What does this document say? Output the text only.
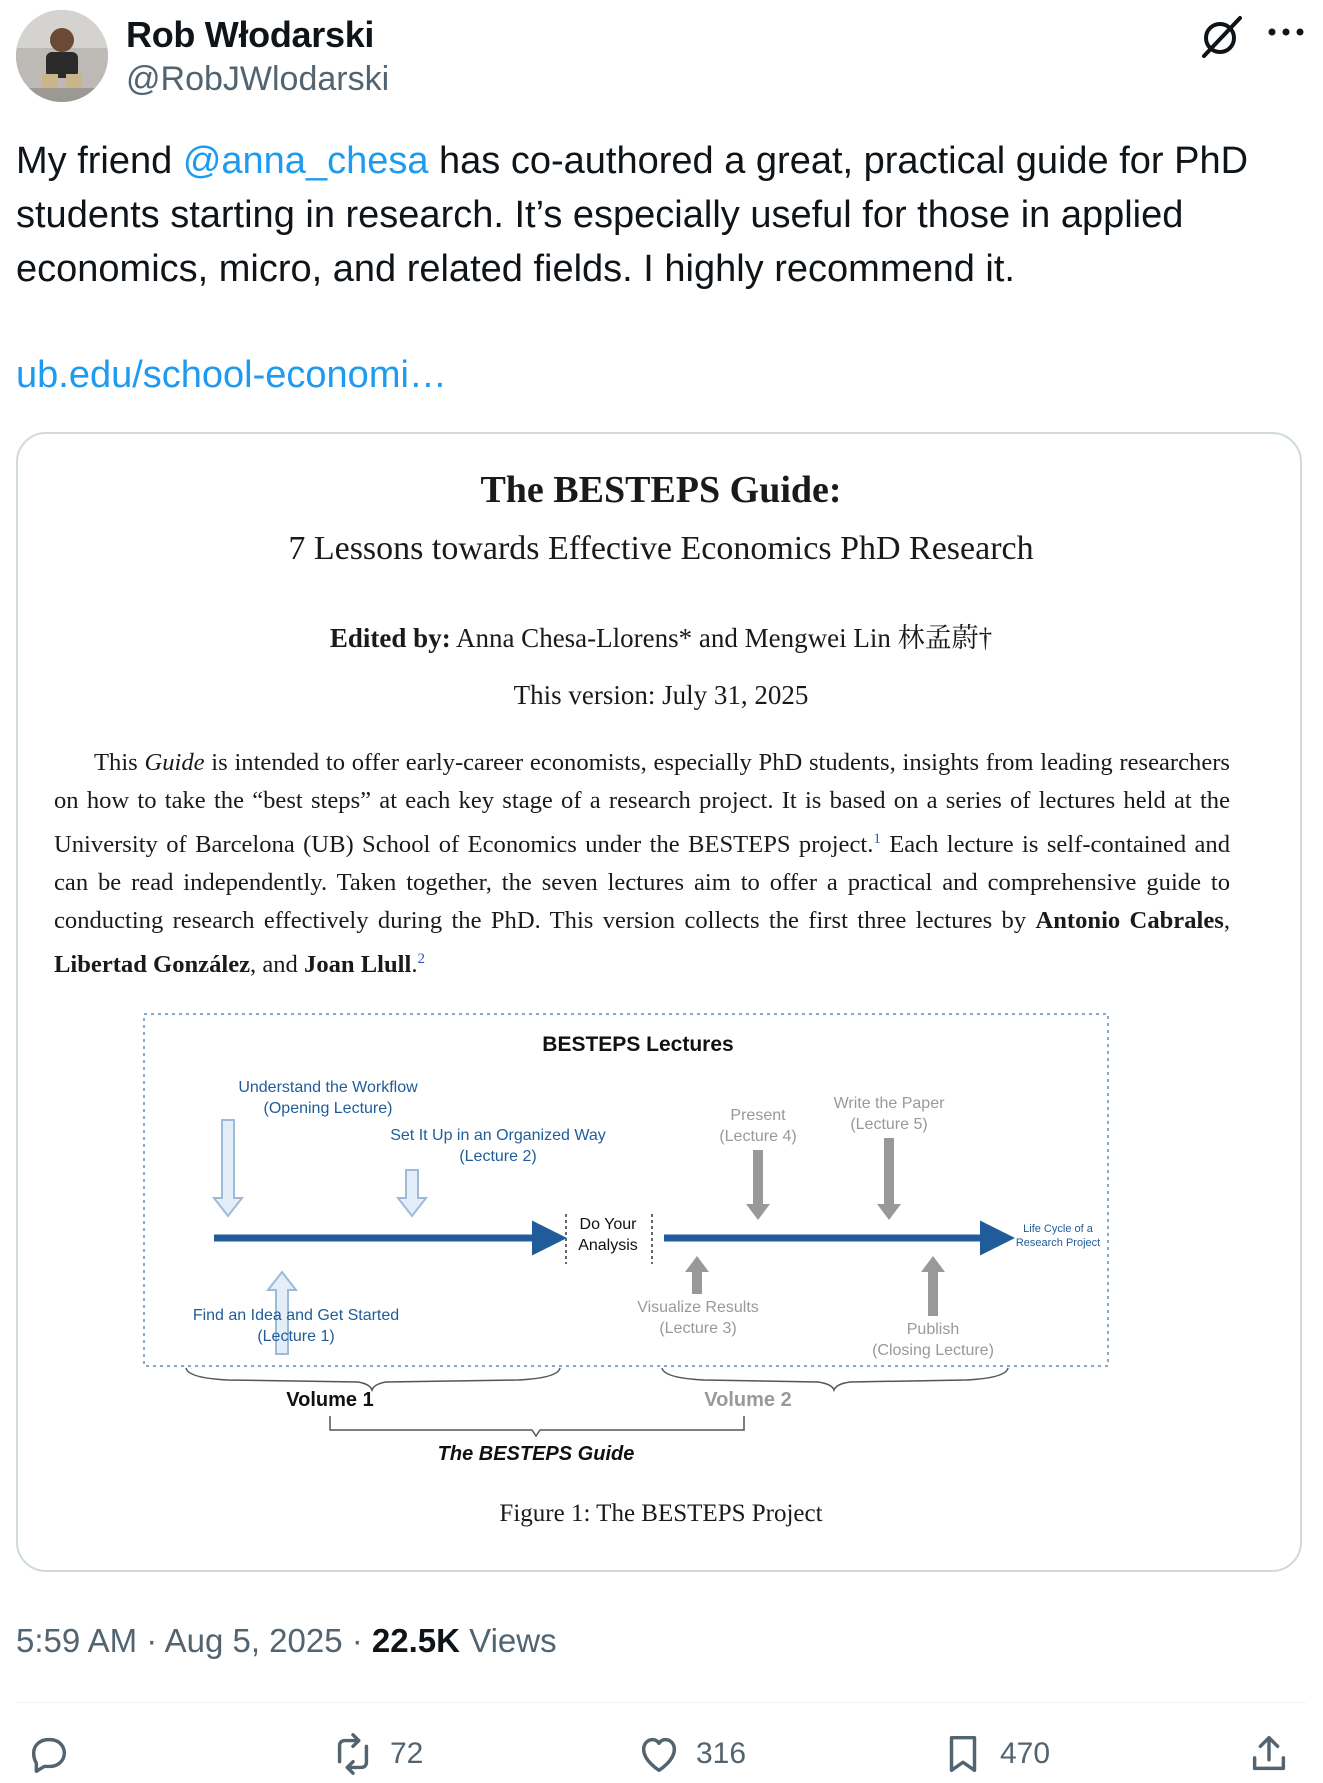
Rob Włodarski
@RobJWlodarski
My friend @anna_chesa has co-authored a great, practical guide for PhD students starting in research. It’s especially useful for those in applied economics, micro, and related fields. I highly recommend it.
ub.edu/school-economi…
The BESTEPS Guide:
7 Lessons towards Effective Economics PhD Research
Edited by: Anna Chesa-Llorens* and Mengwei Lin 林孟蔚†
This version: July 31, 2025
This Guide is intended to offer early-career economists, especially PhD students, insights from leading researchers on how to take the “best steps” at each key stage of a research project. It is based on a series of lectures held at the University of Barcelona (UB) School of Economics under the BESTEPS project.$^1$ Each lecture is self-contained and can be read independently. Taken together, the seven lectures aim to offer a practical and comprehensive guide to conducting research effectively during the PhD. This version collects the first three lectures by Antonio Cabrales, Libertad González, and Joan Llull.$^2$
BESTEPS Lectures
Understand the Workflow
(Opening Lecture)
Set It Up in an Organized Way
(Lecture 2)
Do Your
Analysis
Present
(Lecture 4)
Write the Paper
(Lecture 5)
Life Cycle of a
Research Project
Find an Idea and Get Started
(Lecture 1)
Visualize Results
(Lecture 3)	Publish
(Closing Lecture)
Volume 1	Volume 2
The BESTEPS Guide
Figure 1: The BESTEPS Project
5:59 AM · Aug 5, 2025 · 22.5K Views
72	316	470
